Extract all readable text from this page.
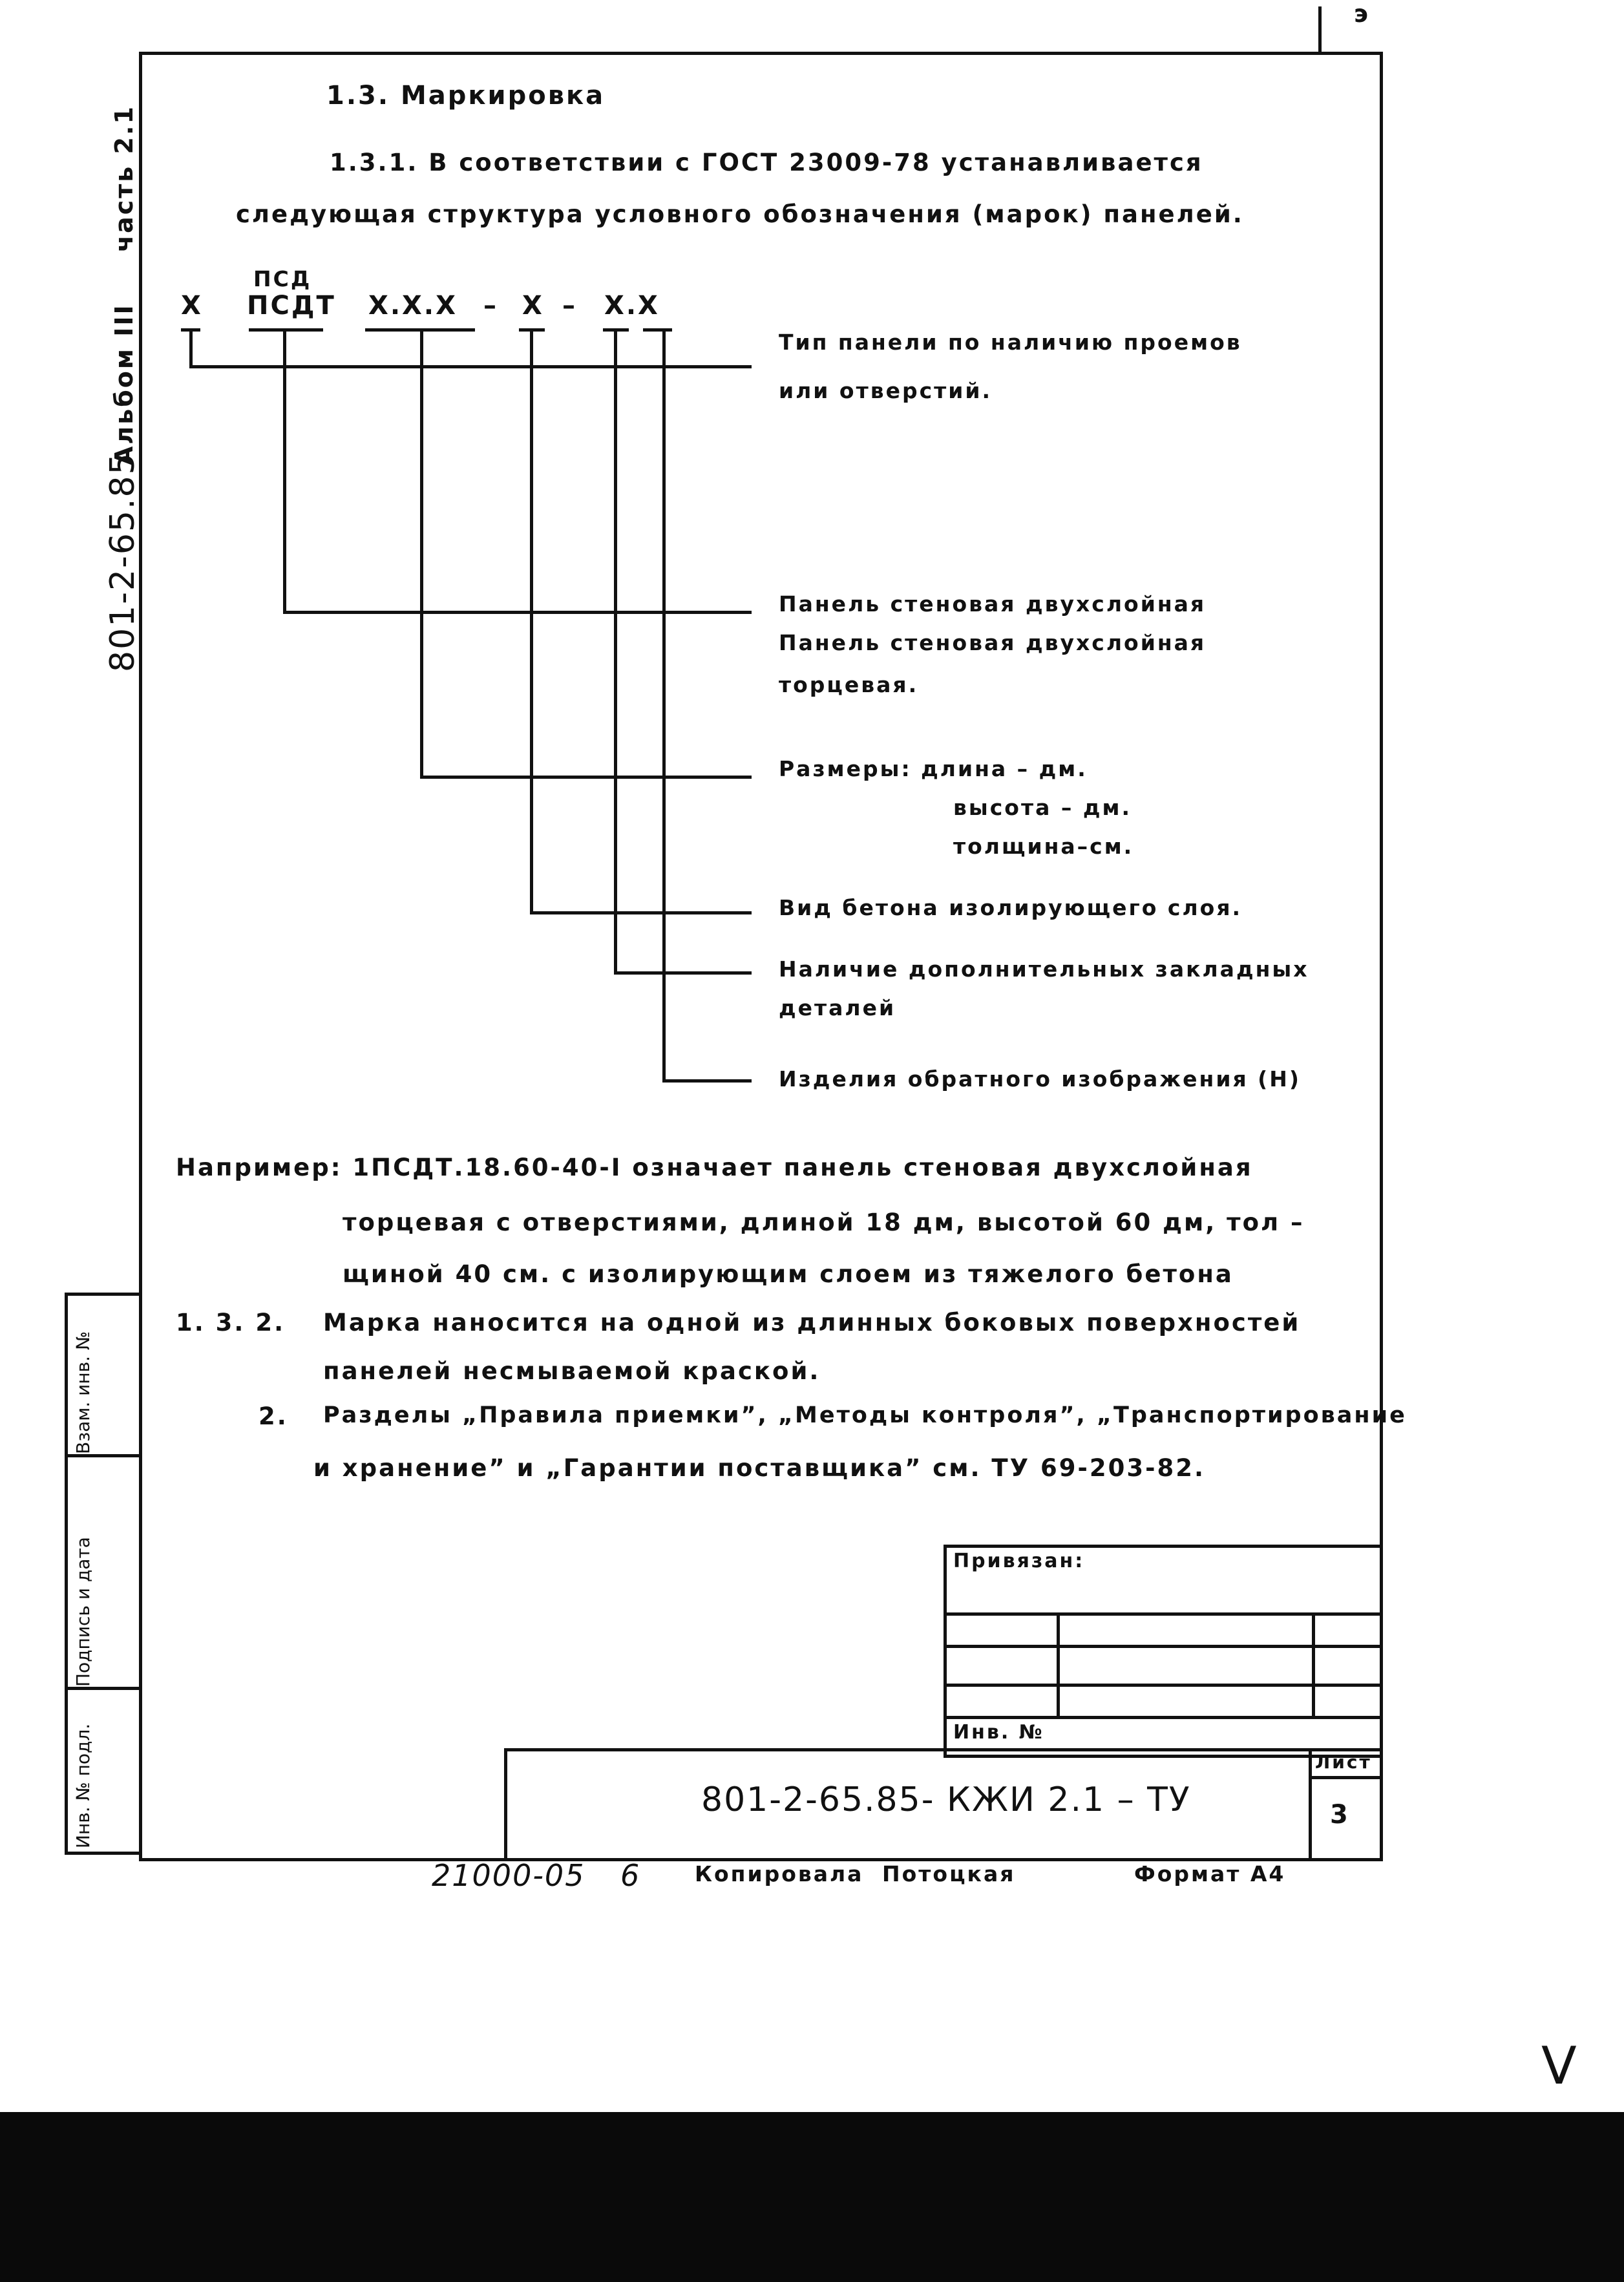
э
801-2-65.85
Альбом III
часть 2.1
1.3. Маркировка
1.3.1. В соответствии с ГОСТ 23009-78 устанавливается
следующая структура условного обозначения (марок) панелей.
ПСД
Х ПСДТ Х.Х.Х – Х – Х.Х
Тип панели по наличию проемов
или отверстий.
Панель стеновая двухслойная
Панель стеновая двухслойная
торцевая.
Размеры: длина – дм.
высота – дм.
толщина–см.
Вид бетона изолирующего слоя.
Наличие дополнительных закладных
деталей
Изделия обратного изображения (Н)
Например: 1ПСДТ.18.60-40-I означает панель стеновая двухслойная
торцевая с отверстиями, длиной 18 дм, высотой 60 дм, тол –
щиной 40 см. с изолирующим слоем из тяжелого бетона
1. 3. 2. Марка наносится на одной из длинных боковых поверхностей
панелей несмываемой краской.
2. Разделы „Правила приемки”, „Методы контроля”, „Транспортирование
и хранение” и „Гарантии поставщика” см. ТУ 69-203-82.
Инв. № подл.
Подпись и дата
Взам. инв. №
Привязан:
Инв. №
801-2-65.85- КЖИ 2.1 – ТУ
Лист
3
21000-05 6	Копировала Потоцкая	Формат А4
V
